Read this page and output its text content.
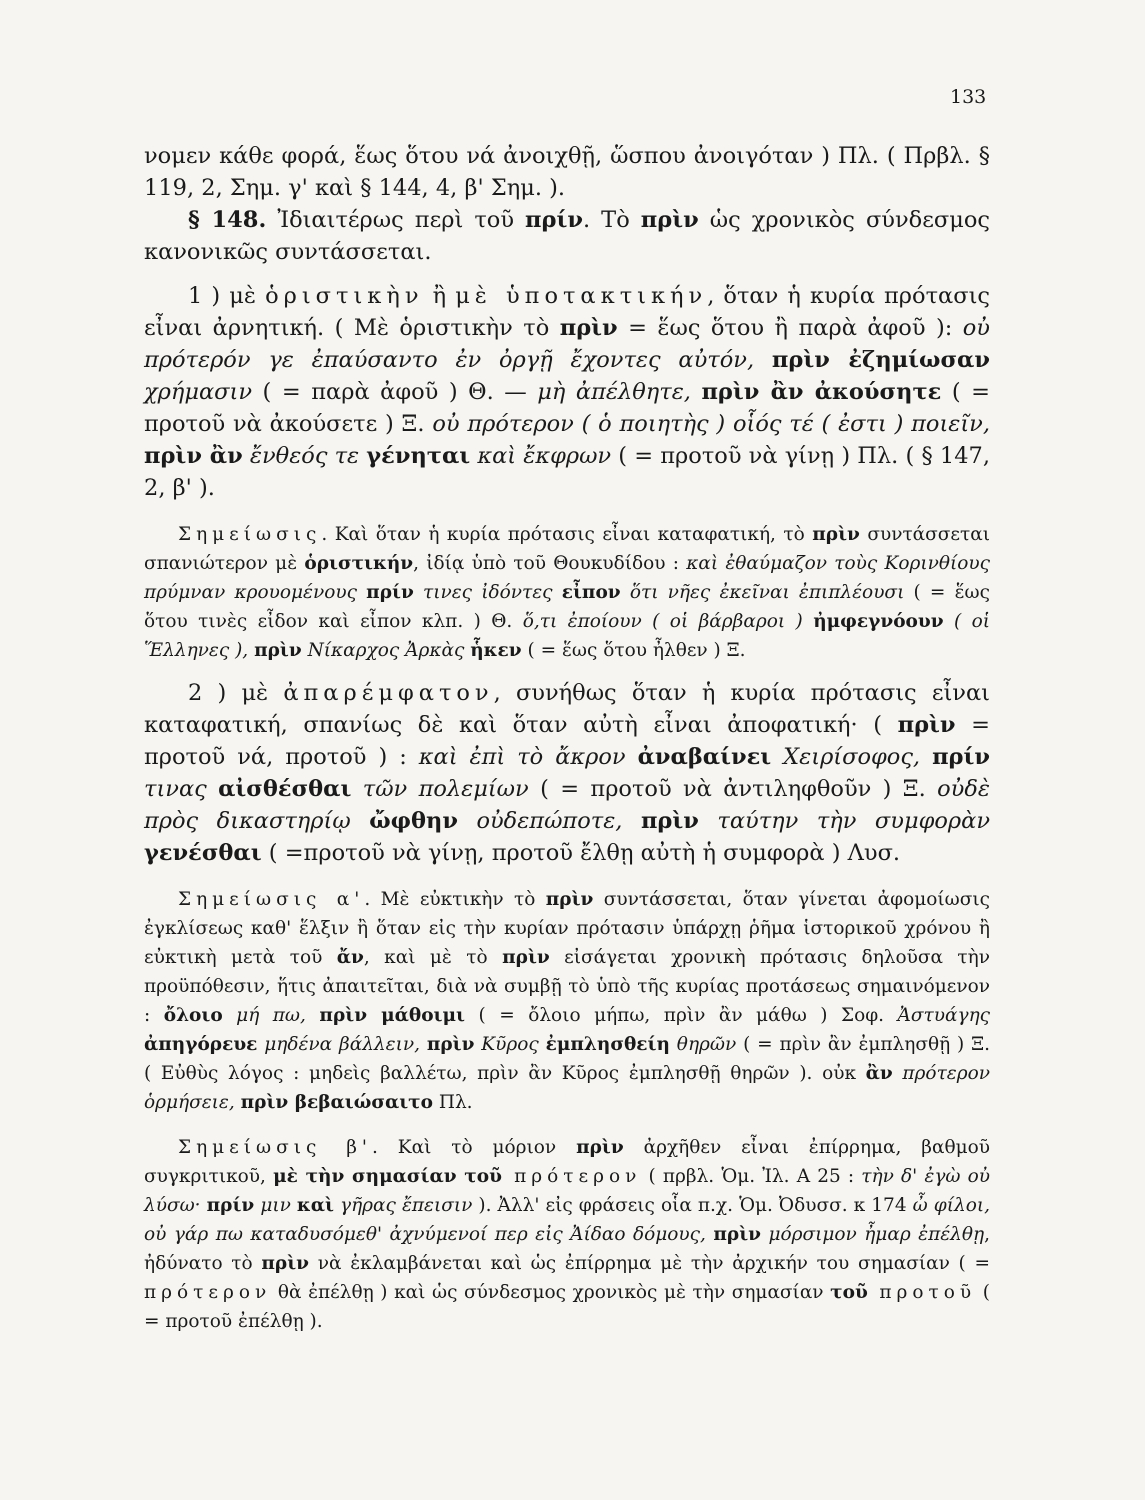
133

νομεν κάθε φορά, ἕως ὅτου νά ἀνοιχθῇ, ὥσπου ἀνοιγόταν ) Πλ. ( Πρβλ. § 119, 2, Σημ. γ' καὶ § 144, 4, β' Σημ. ).

§ 148. Ἰδιαιτέρως περὶ τοῦ πρίν. Τὸ πρὶν ὡς χρονικὸς σύνδεσμος κανονικῶς συντάσσεται.

1 ) μὲ ὁριστικὴν ἢ μὲ ὑποτακτικήν, ὅταν ἡ κυρία πρότασις εἶναι ἀρνητική. ( Μὲ ὁριστικὴν τὸ πρὶν = ἕως ὅτου ἢ παρὰ ἀφοῦ ): οὐ πρότερόν γε ἐπαύσαντο ἐν ὀργῇ ἔχοντες αὐτόν, πρὶν ἐζημίωσαν χρήμασιν ( = παρὰ ἀφοῦ ) Θ. — μὴ ἀπέλθητε, πρὶν ἂν ἀκούσητε ( = προτοῦ νὰ ἀκούσετε ) Ξ. οὐ πρότερον ( ὁ ποιητὴς ) οἷός τέ ( ἐστι ) ποιεῖν, πρὶν ἂν ἔνθεός τε γένηται καὶ ἔκφρων ( = προτοῦ νὰ γίνῃ ) Πλ. ( § 147, 2, β' ).

Σημείωσις. Καὶ ὅταν ἡ κυρία πρότασις εἶναι καταφατική, τὸ πρὶν συντάσσεται σπανιώτερον μὲ ὁριστικήν, ἰδίᾳ ὑπὸ τοῦ Θουκυδίδου : καὶ ἐθαύμαζον τοὺς Κορινθίους πρύμναν κρουομένους πρίν τινες ἰδόντες εἶπον ὅτι νῆες ἐκεῖναι ἐπιπλέουσι ( = ἕως ὅτου τινὲς εἶδον καὶ εἶπον κλπ. ) Θ. ὅ,τι ἐποίουν ( οἱ βάρβαροι ) ἠμφεγνόουν ( οἱ Ἕλληνες ), πρὶν Νίκαρχος Ἀρκὰς ἧκεν ( = ἕως ὅτου ἦλθεν ) Ξ.

2 ) μὲ ἀπαρέμφατον, συνήθως ὅταν ἡ κυρία πρότασις εἶναι καταφατική, σπανίως δὲ καὶ ὅταν αὐτὴ εἶναι ἀποφατική· ( πρὶν = προτοῦ νά, προτοῦ ) : καὶ ἐπὶ τὸ ἄκρον ἀναβαίνει Χειρίσοφος, πρίν τινας αἰσθέσθαι τῶν πολεμίων ( = προτοῦ νὰ ἀντιληφθοῦν ) Ξ. οὐδὲ πρὸς δικαστηρίῳ ὤφθην οὐδεπώποτε, πρὶν ταύτην τὴν συμφορὰν γενέσθαι ( =προτοῦ νὰ γίνῃ, προτοῦ ἔλθῃ αὐτὴ ἡ συμφορὰ ) Λυσ.

Σημείωσις α'. Μὲ εὐκτικὴν τὸ πρὶν συντάσσεται, ὅταν γίνεται ἀφομοίωσις ἐγκλίσεως καθ' ἕλξιν ἢ ὅταν εἰς τὴν κυρίαν πρότασιν ὑπάρχῃ ῥῆμα ἱστορικοῦ χρόνου ἢ εὐκτικὴ μετὰ τοῦ ἄν, καὶ μὲ τὸ πρὶν εἰσάγεται χρονικὴ πρότασις δηλοῦσα τὴν προϋπόθεσιν, ἥτις ἀπαιτεῖται, διὰ νὰ συμβῇ τὸ ὑπὸ τῆς κυρίας προτάσεως σημαινόμενον : ὄλοιο μή πω, πρὶν μάθοιμι ( = ὄλοιο μήπω, πρὶν ἂν μάθω ) Σοφ. Ἀστυάγης ἀπηγόρευε μηδένα βάλλειν, πρὶν Κῦρος ἐμπλησθείη θηρῶν ( = πρὶν ἂν ἐμπλησθῇ ) Ξ. ( Εὐθὺς λόγος : μηδεὶς βαλλέτω, πρὶν ἂν Κῦρος ἐμπλησθῇ θηρῶν ). οὐκ ἂν πρότερον ὁρμήσειε, πρὶν βεβαιώσαιτο Πλ.

Σημείωσις β'. Καὶ τὸ μόριον πρὶν ἀρχῆθεν εἶναι ἐπίρρημα, βαθμοῦ συγκριτικοῦ, μὲ τὴν σημασίαν τοῦ πρότερον ( πρβλ. Ὁμ. Ἰλ. Α 25 : τὴν δ' ἐγὼ οὐ λύσω· πρίν μιν καὶ γῆρας ἔπεισιν ). Ἀλλ' εἰς φράσεις οἷα π.χ. Ὁμ. Ὀδυσσ. κ 174 ὦ φίλοι, οὐ γάρ πω καταδυσόμεθ' ἀχνύμενοί περ εἰς Ἀίδαο δόμους, πρὶν μόρσιμον ἦμαρ ἐπέλθῃ, ἠδύνατο τὸ πρὶν νὰ ἐκλαμβάνεται καὶ ὡς ἐπίρρημα μὲ τὴν ἀρχικήν του σημασίαν ( = πρότερον θὰ ἐπέλθῃ ) καὶ ὡς σύνδεσμος χρονικὸς μὲ τὴν σημασίαν τοῦ προτοῦ ( = προτοῦ ἐπέλθῃ ).
